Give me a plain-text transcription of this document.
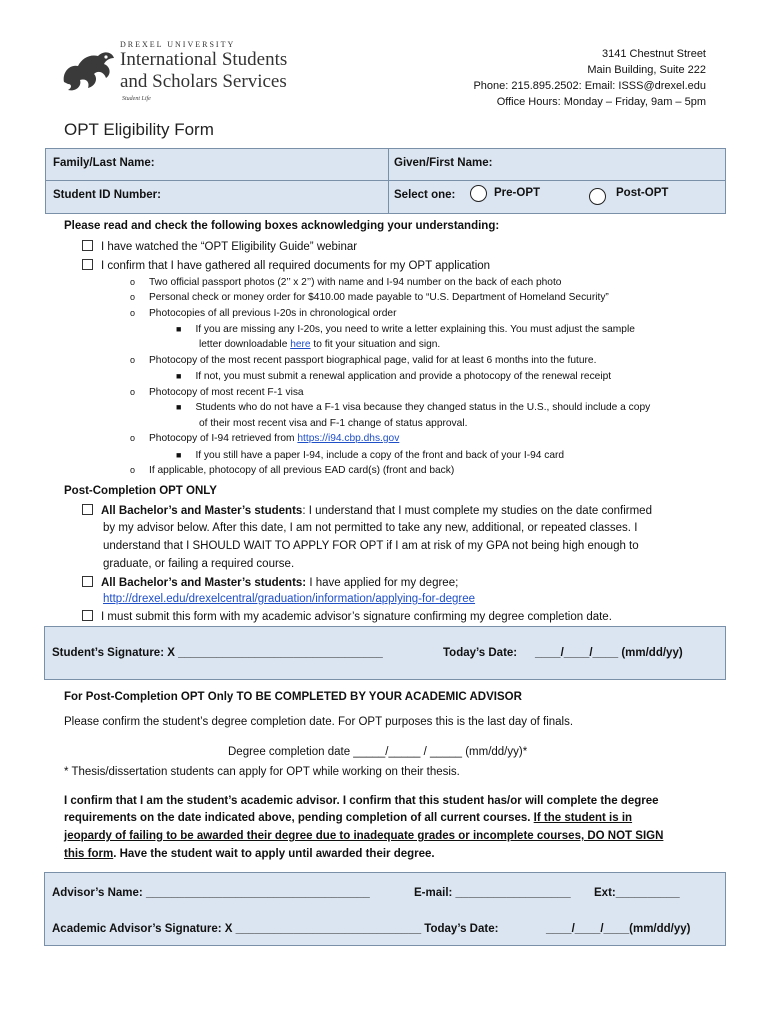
DREXEL UNIVERSITY
International Students
and Scholars Services
Student Life
3141 Chestnut Street
Main Building, Suite 222
Phone: 215.895.2502: Email: ISSS@drexel.edu
Office Hours: Monday – Friday, 9am – 5pm
OPT Eligibility Form
Family/Last Name:	Given/First Name:
Student ID Number:	Select one:	Pre-OPT	Post-OPT
Please read and check the following boxes acknowledging your understanding:
I have watched the “OPT Eligibility Guide” webinar
I confirm that I have gathered all required documents for my OPT application
o Two official passport photos (2’’ x 2’’) with name and I-94 number on the back of each photo
o Personal check or money order for $410.00 made payable to “U.S. Department of Homeland Security”
o Photocopies of all previous I-20s in chronological order
■ If you are missing any I-20s, you need to write a letter explaining this. You must adjust the sample
letter downloadable here to fit your situation and sign.
o Photocopy of the most recent passport biographical page, valid for at least 6 months into the future.
■ If not, you must submit a renewal application and provide a photocopy of the renewal receipt
o Photocopy of most recent F-1 visa
■ Students who do not have a F-1 visa because they changed status in the U.S., should include a copy
of their most recent visa and F-1 change of status approval.
o Photocopy of I-94 retrieved from https://i94.cbp.dhs.gov
■ If you still have a paper I-94, include a copy of the front and back of your I-94 card
o If applicable, photocopy of all previous EAD card(s) (front and back)
Post-Completion OPT ONLY
All Bachelor’s and Master’s students: I understand that I must complete my studies on the date confirmed
by my advisor below. After this date, I am not permitted to take any new, additional, or repeated classes. I
understand that I SHOULD WAIT TO APPLY FOR OPT if I am at risk of my GPA not being high enough to
graduate, or failing a required course.
All Bachelor’s and Master’s students: I have applied for my degree;
http://drexel.edu/drexelcentral/graduation/information/applying-for-degree
I must submit this form with my academic advisor’s signature confirming my degree completion date.
Student’s Signature: X ________________________________	Today’s Date: ____/____/____ (mm/dd/yy)
For Post-Completion OPT Only TO BE COMPLETED BY YOUR ACADEMIC ADVISOR
Please confirm the student’s degree completion date. For OPT purposes this is the last day of finals.
Degree completion date _____/_____ / _____ (mm/dd/yy)*
* Thesis/dissertation students can apply for OPT while working on their thesis.
I confirm that I am the student’s academic advisor. I confirm that this student has/or will complete the degree
requirements on the date indicated above, pending completion of all current courses. If the student is in
jeopardy of failing to be awarded their degree due to inadequate grades or incomplete courses, DO NOT SIGN
this form. Have the student wait to apply until awarded their degree.
Advisor’s Name: ___________________________________	E-mail: __________________ Ext:__________
Academic Advisor’s Signature: X _____________________________ Today’s Date:	____/____/____(mm/dd/yy)
